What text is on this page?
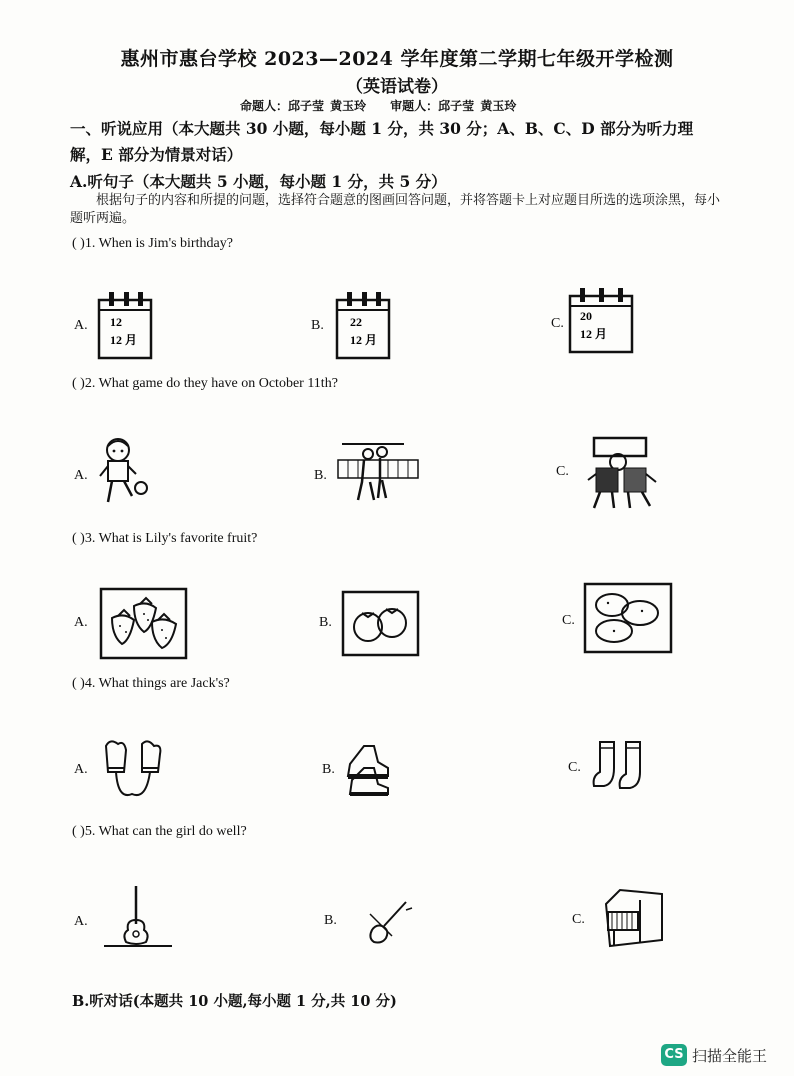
惠州市惠台学校 2023—2024 学年度第二学期七年级开学检测
（英语试卷）
命题人：邱子莹 黄玉玲　　审题人：邱子莹 黄玉玲
一、听说应用（本大题共 30 小题，每小题 1 分，共 30 分；A、B、C、D 部分为听力理解，E 部分为情景对话）
A.听句子（本大题共 5 小题，每小题 1 分，共 5 分）
根据句子的内容和所提的问题，选择符合题意的图画回答问题，并将答题卡上对应题目所选的选项涂黑，每小题听两遍。
( )1. When is Jim's birthday?
A.	B.	C.
12
12 月
22
12 月
20
12 月
( )2. What game do they have on October 11th?
A.	B.	C.
( )3. What is Lily's favorite fruit?
A.	B.	C.
( )4. What things are Jack's?
A.	B.	C.
( )5. What can the girl do well?
A.	B.	C.
B.听对话(本题共 10 小题,每小题 1 分,共 10 分)
CS 扫描全能王
